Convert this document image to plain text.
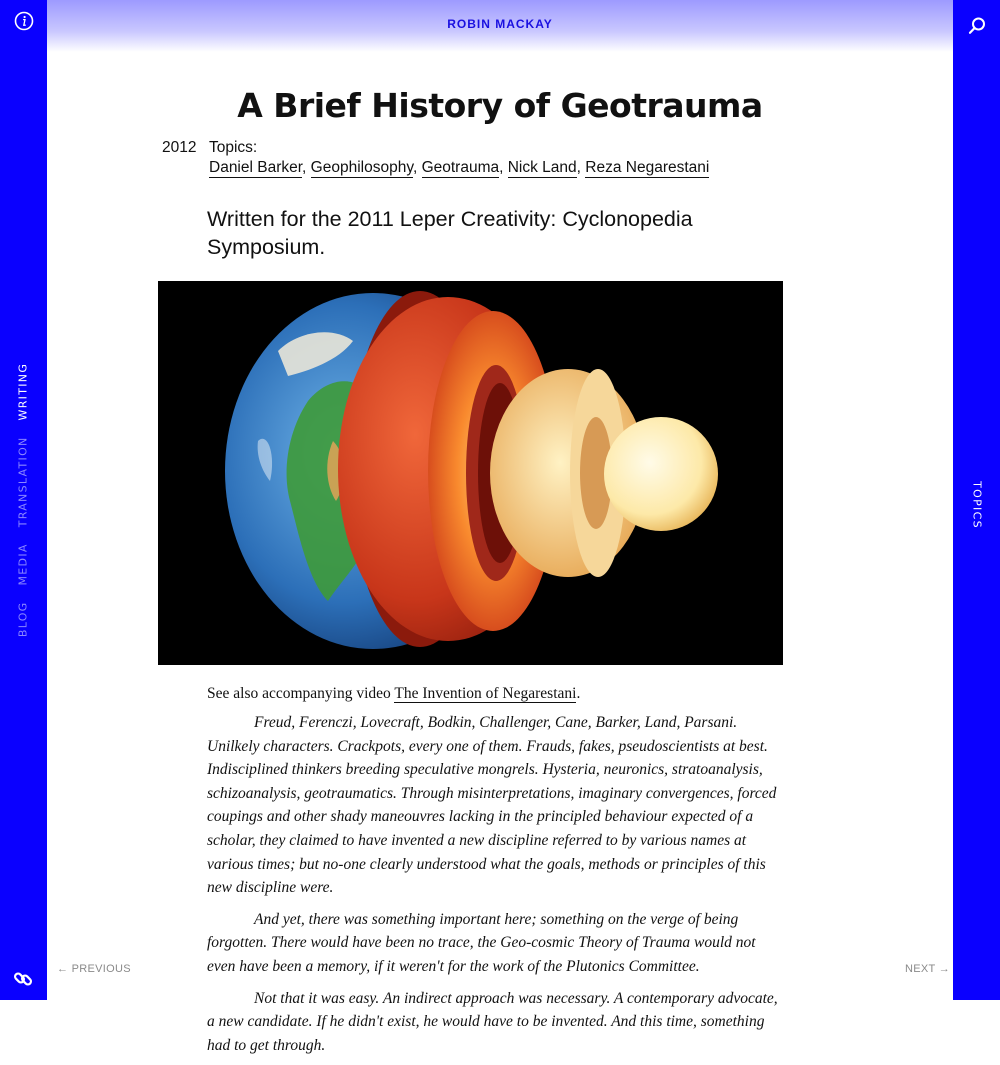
WRITING
TRANSLATION
MEDIA
BLOG
TOPICS
ROBIN MACKAY
A Brief History of Geotrauma
2012 Topics:
Daniel Barker, Geophilosophy, Geotrauma, Nick Land, Reza Negarestani

Written for the 2011 Leper Creativity: Cyclonopedia Symposium.

See also accompanying video The Invention of Negarestani.

Freud, Ferenczi, Lovecraft, Bodkin, Challenger, Cane, Barker, Land, Parsani. Unilkely characters. Crackpots, every one of them. Frauds, fakes, pseudoscientists at best. Indisciplined thinkers breeding speculative mongrels. Hysteria, neuronics, stratoanalysis, schizoanalysis, geotraumatics. Through misinterpretations, imaginary convergences, forced coupings and other shady maneouvres lacking in the principled behaviour expected of a scholar, they claimed to have invented a new discipline referred to by various names at various times; but no-one clearly understood what the goals, methods or principles of this new discipline were.

And yet, there was something important here; something on the verge of being forgotten. There would have been no trace, the Geo-cosmic Theory of Trauma would not even have been a memory, if it weren't for the work of the Plutonics Committee.

Not that it was easy. An indirect approach was necessary. A contemporary advocate, a new candidate. If he didn't exist, he would have to be invented. And this time, something had to get through.

← PREVIOUS	NEXT →
